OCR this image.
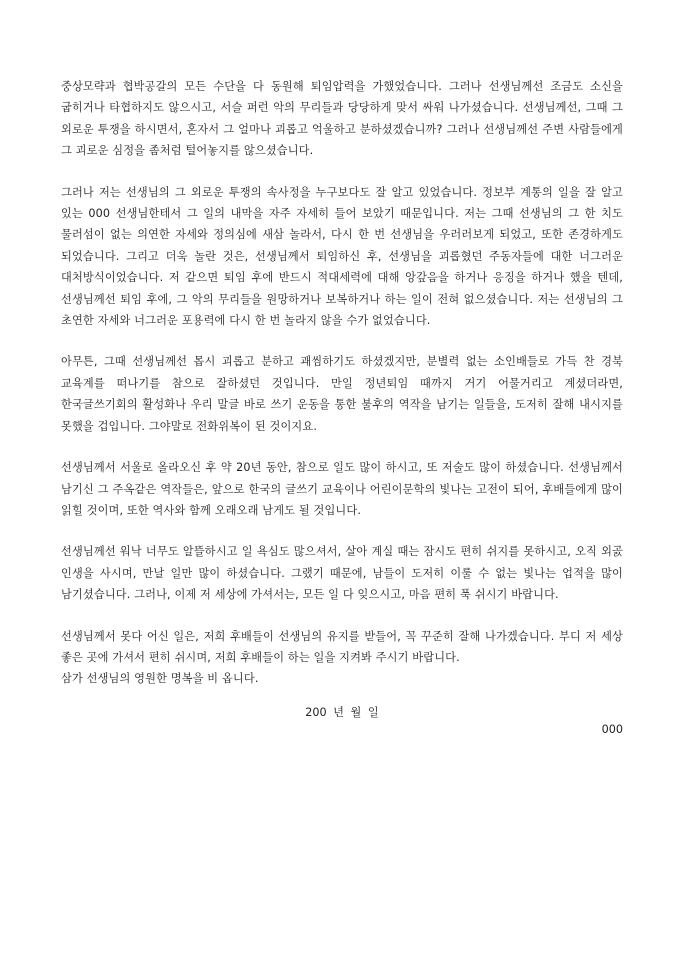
중상모략과 협박공갈의 모든 수단을 다 동원해 퇴임압력을 가했었습니다. 그러나 선생님께선 조금도 소신을 굽히거나 타협하지도 않으시고, 서슬 퍼런 악의 무리들과 당당하게 맞서 싸워 나가셨습니다. 선생님께선, 그때 그 외로운 투쟁을 하시면서, 혼자서 그 얼마나 괴롭고 억울하고 분하셨겠습니까? 그러나 선생님께선 주변 사람들에게 그 괴로운 심정을 좀처럼 털어놓지를 않으셨습니다.

그러나 저는 선생님의 그 외로운 투쟁의 속사정을 누구보다도 잘 알고 있었습니다. 정보부 계통의 일을 잘 알고 있는 000 선생님한테서 그 일의 내막을 자주 자세히 들어 보았기 때문입니다. 저는 그때 선생님의 그 한 치도 물러섬이 없는 의연한 자세와 정의심에 새삼 놀라서, 다시 한 번 선생님을 우러러보게 되었고, 또한 존경하게도 되었습니다. 그리고 더욱 놀란 것은, 선생님께서 퇴임하신 후, 선생님을 괴롭혔던 주동자들에 대한 너그러운 대처방식이었습니다. 저 같으면 퇴임 후에 반드시 적대세력에 대해 앙갚음을 하거나 응징을 하거나 했을 텐데, 선생님께선 퇴임 후에, 그 악의 무리들을 원망하거나 보복하거나 하는 일이 전혀 없으셨습니다. 저는 선생님의 그 초연한 자세와 너그러운 포용력에 다시 한 번 놀라지 않을 수가 없었습니다.

아무튼, 그때 선생님께선 몹시 괴롭고 분하고 괘씸하기도 하셨겠지만, 분별력 없는 소인배들로 가득 찬 경북 교육계를 떠나기를 참으로 잘하셨던 것입니다. 만일 정년퇴임 때까지 거기 어물거리고 계셨더라면, 한국글쓰기회의 활성화나 우리 말글 바로 쓰기 운동을 통한 불후의 역작을 남기는 일들을, 도저히 잘해 내시지를 못했을 겁입니다. 그야말로 전화위복이 된 것이지요.

선생님께서 서울로 올라오신 후 약 20년 동안, 참으로 일도 많이 하시고, 또 저술도 많이 하셨습니다. 선생님께서 남기신 그 주옥같은 역작들은, 앞으로 한국의 글쓰기 교육이나 어린이문학의 빛나는 고전이 되어, 후배들에게 많이 읽힐 것이며, 또한 역사와 함께 오래오래 남게도 될 것입니다.

선생님께선 워낙 너무도 알뜰하시고 일 욕심도 많으셔서, 살아 계실 때는 잠시도 편히 쉬지를 못하시고, 오직 외곬 인생을 사시며, 만날 일만 많이 하셨습니다. 그랬기 때문에, 남들이 도저히 이룰 수 없는 빛나는 업적을 많이 남기셨습니다. 그러나, 이제 저 세상에 가셔서는, 모든 일 다 잊으시고, 마음 편히 푹 쉬시기 바랍니다.

선생님께서 못다 어신 일은, 저희 후배들이 선생님의 유지를 받들어, 꼭 꾸준히 잘해 나가겠습니다. 부디 저 세상 좋은 곳에 가셔서 편히 쉬시며, 저희 후배들이 하는 일을 지켜봐 주시기 바랍니다.

삼가 선생님의 영원한 명복을 비 옵니다.

200 년 월 일
000
